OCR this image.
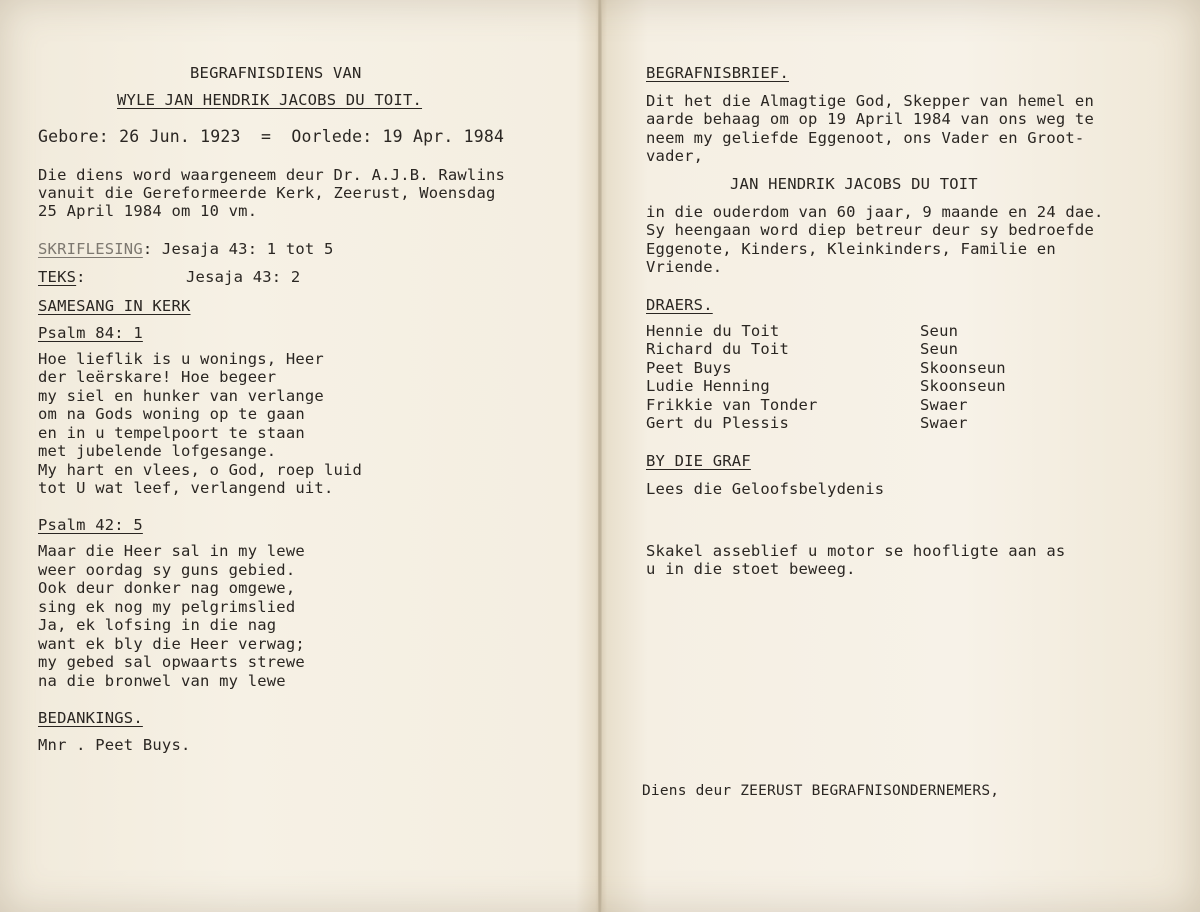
BEGRAFNISDIENS VAN
WYLE JAN HENDRIK JACOBS DU TOIT.
Gebore: 26 Jun. 1923  =  Oorlede: 19 Apr. 1984
Die diens word waargeneem deur Dr. A.J.B. Rawlins
vanuit die Gereformeerde Kerk, Zeerust, Woensdag
25 April 1984 om 10 vm.
SKRIFLESING: Jesaja 43: 1 tot 5
TEKS:	Jesaja 43: 2
SAMESANG IN KERK
Psalm 84: 1
Hoe lieflik is u wonings, Heer
der leërskare! Hoe begeer
my siel en hunker van verlange
om na Gods woning op te gaan
en in u tempelpoort te staan
met jubelende lofgesange.
My hart en vlees, o God, roep luid
tot U wat leef, verlangend uit.
Psalm 42: 5
Maar die Heer sal in my lewe
weer oordag sy guns gebied.
Ook deur donker nag omgewe,
sing ek nog my pelgrimslied
Ja, ek lofsing in die nag
want ek bly die Heer verwag;
my gebed sal opwaarts strewe
na die bronwel van my lewe
BEDANKINGS.
Mnr . Peet Buys.
BEGRAFNISBRIEF.
Dit het die Almagtige God, Skepper van hemel en
aarde behaag om op 19 April 1984 van ons weg te
neem my geliefde Eggenoot, ons Vader en Groot-
vader,
JAN HENDRIK JACOBS DU TOIT
in die ouderdom van 60 jaar, 9 maande en 24 dae.
Sy heengaan word diep betreur deur sy bedroefde
Eggenote, Kinders, Kleinkinders, Familie en
Vriende.
DRAERS.
Hennie du Toit	Seun
Richard du Toit	Seun
Peet Buys	Skoonseun
Ludie Henning	Skoonseun
Frikkie van Tonder	Swaer
Gert du Plessis	Swaer
BY DIE GRAF
Lees die Geloofsbelydenis
Skakel asseblief u motor se hoofligte aan as
u in die stoet beweeg.
Diens deur ZEERUST BEGRAFNISONDERNEMERS,
